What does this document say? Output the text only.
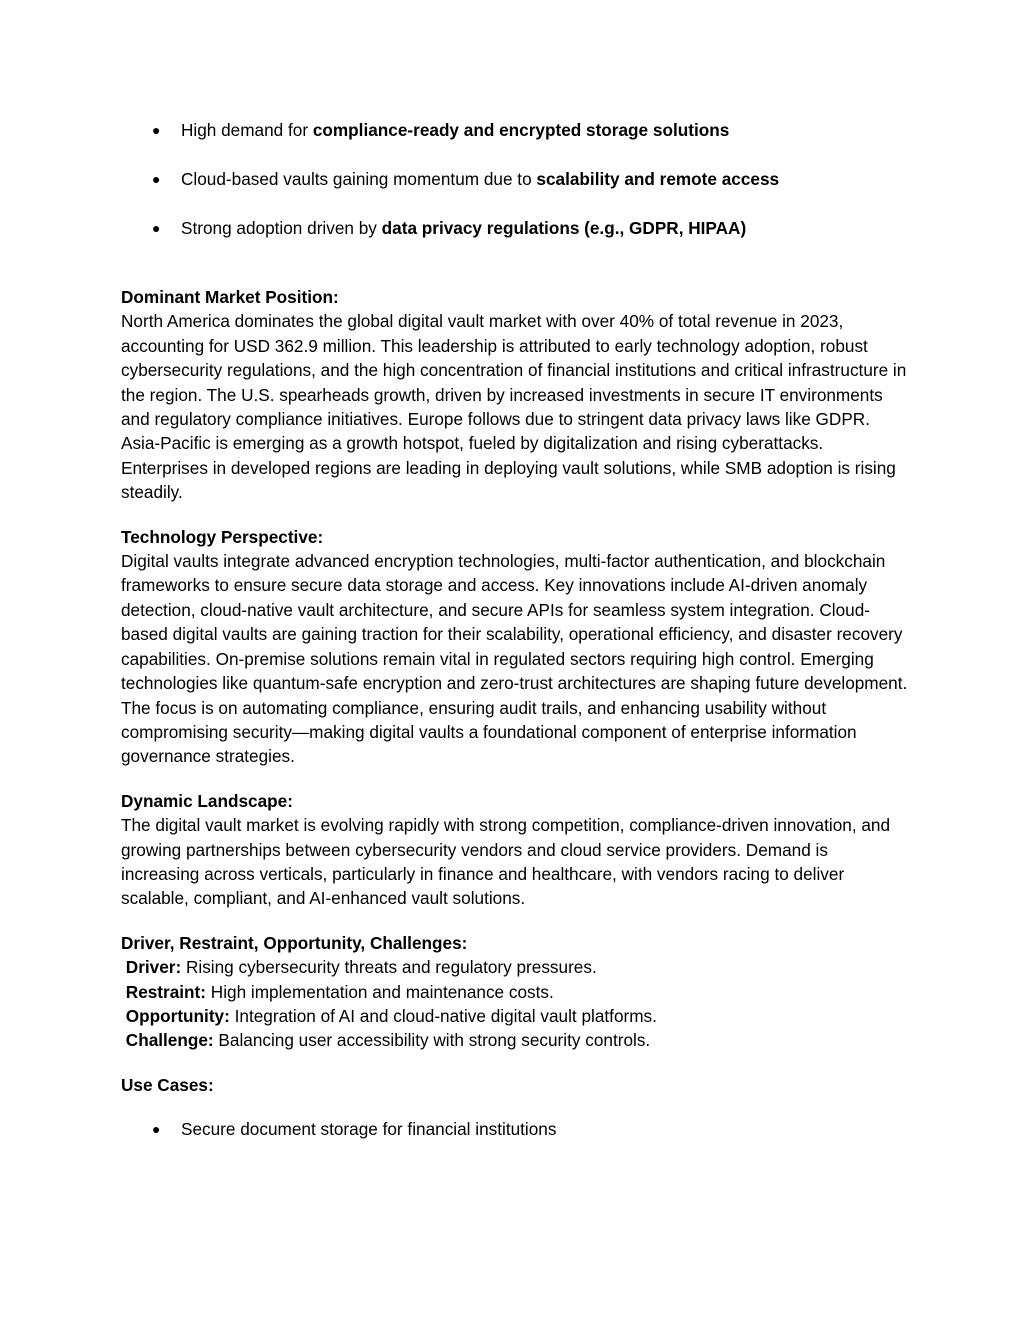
● High demand for compliance-ready and encrypted storage solutions
● Cloud-based vaults gaining momentum due to scalability and remote access
● Strong adoption driven by data privacy regulations (e.g., GDPR, HIPAA)
Dominant Market Position:
North America dominates the global digital vault market with over 40% of total revenue in 2023, accounting for USD 362.9 million. This leadership is attributed to early technology adoption, robust cybersecurity regulations, and the high concentration of financial institutions and critical infrastructure in the region. The U.S. spearheads growth, driven by increased investments in secure IT environments and regulatory compliance initiatives. Europe follows due to stringent data privacy laws like GDPR. Asia-Pacific is emerging as a growth hotspot, fueled by digitalization and rising cyberattacks. Enterprises in developed regions are leading in deploying vault solutions, while SMB adoption is rising steadily.
Technology Perspective:
Digital vaults integrate advanced encryption technologies, multi-factor authentication, and blockchain frameworks to ensure secure data storage and access. Key innovations include AI-driven anomaly detection, cloud-native vault architecture, and secure APIs for seamless system integration. Cloud-based digital vaults are gaining traction for their scalability, operational efficiency, and disaster recovery capabilities. On-premise solutions remain vital in regulated sectors requiring high control. Emerging technologies like quantum-safe encryption and zero-trust architectures are shaping future development. The focus is on automating compliance, ensuring audit trails, and enhancing usability without compromising security—making digital vaults a foundational component of enterprise information governance strategies.
Dynamic Landscape:
The digital vault market is evolving rapidly with strong competition, compliance-driven innovation, and growing partnerships between cybersecurity vendors and cloud service providers. Demand is increasing across verticals, particularly in finance and healthcare, with vendors racing to deliver scalable, compliant, and AI-enhanced vault solutions.
Driver, Restraint, Opportunity, Challenges:
Driver: Rising cybersecurity threats and regulatory pressures.
Restraint: High implementation and maintenance costs.
Opportunity: Integration of AI and cloud-native digital vault platforms.
Challenge: Balancing user accessibility with strong security controls.
Use Cases:
● Secure document storage for financial institutions
